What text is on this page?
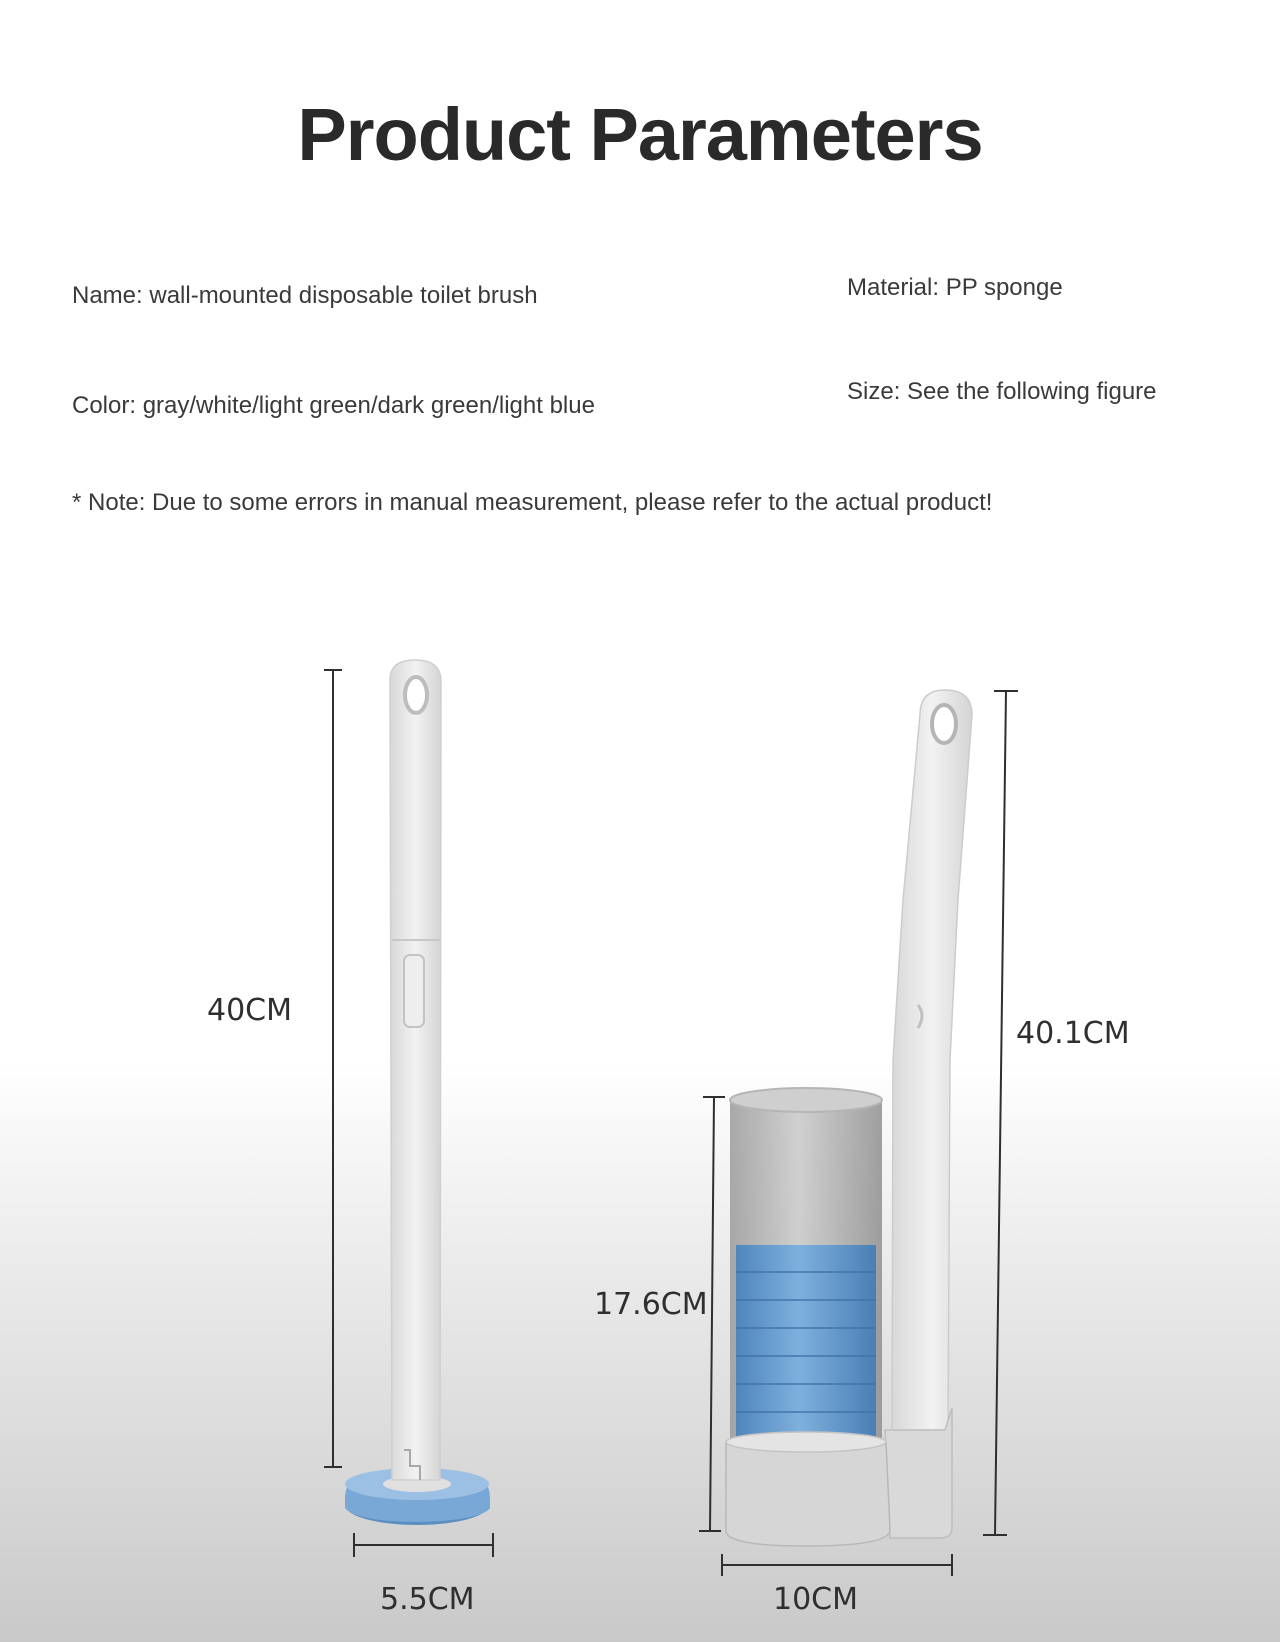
Product Parameters
Name: wall-mounted disposable toilet brush	Material: PP sponge
Color: gray/white/light green/dark green/light blue
Size: See the following figure
* Note: Due to some errors in manual measurement, please refer to the actual product!
40CM
40.1CM
17.6CM
5.5CM	10CM
